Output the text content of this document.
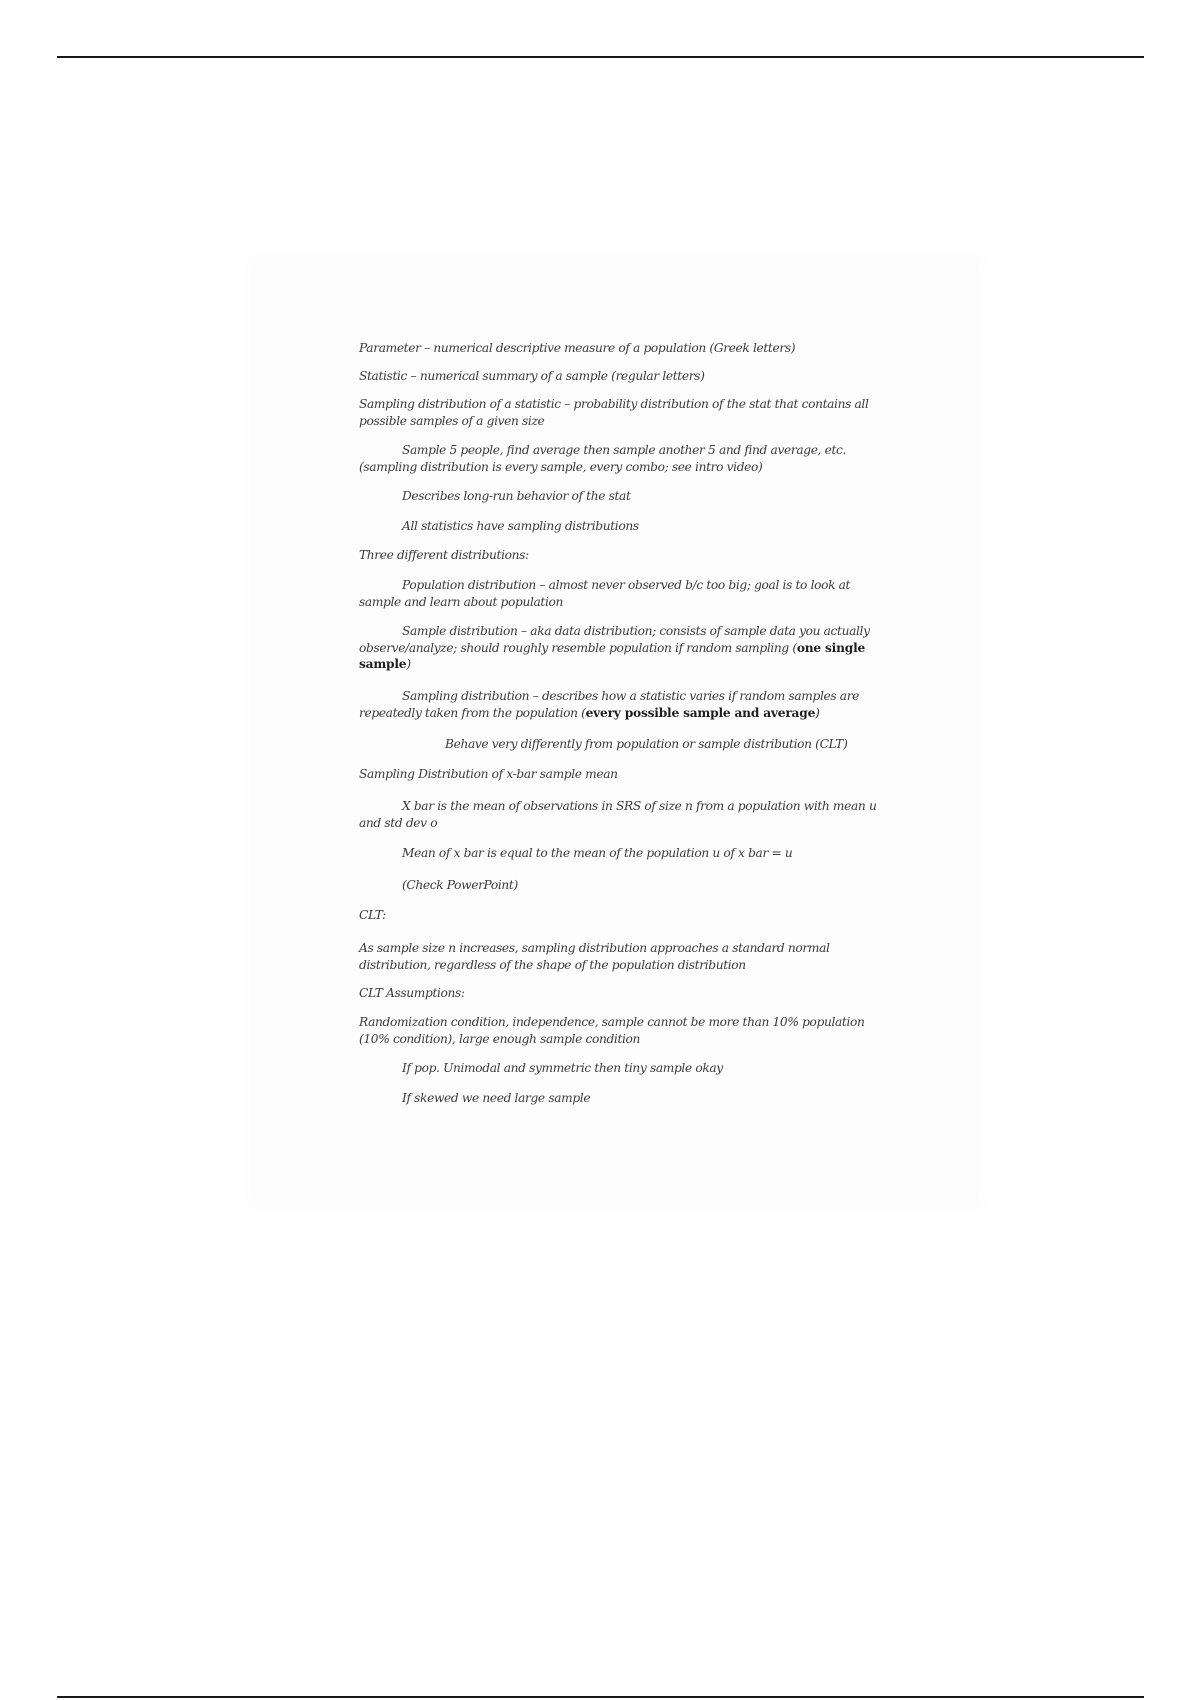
Parameter – numerical descriptive measure of a population (Greek letters)

Statistic – numerical summary of a sample (regular letters)

Sampling distribution of a statistic – probability distribution of the stat that contains all possible samples of a given size

Sample 5 people, find average then sample another 5 and find average, etc. (sampling distribution is every sample, every combo; see intro video)

Describes long-run behavior of the stat

All statistics have sampling distributions

Three different distributions:

Population distribution – almost never observed b/c too big; goal is to look at sample and learn about population

Sample distribution – aka data distribution; consists of sample data you actually observe/analyze; should roughly resemble population if random sampling (one single sample)

Sampling distribution – describes how a statistic varies if random samples are repeatedly taken from the population (every possible sample and average)

Behave very differently from population or sample distribution (CLT)

Sampling Distribution of x-bar sample mean

X bar is the mean of observations in SRS of size n from a population with mean u and std dev o

Mean of x bar is equal to the mean of the population u of x bar = u

(Check PowerPoint)

CLT:

As sample size n increases, sampling distribution approaches a standard normal distribution, regardless of the shape of the population distribution

CLT Assumptions:

Randomization condition, independence, sample cannot be more than 10% population (10% condition), large enough sample condition

If pop. Unimodal and symmetric then tiny sample okay

If skewed we need large sample
